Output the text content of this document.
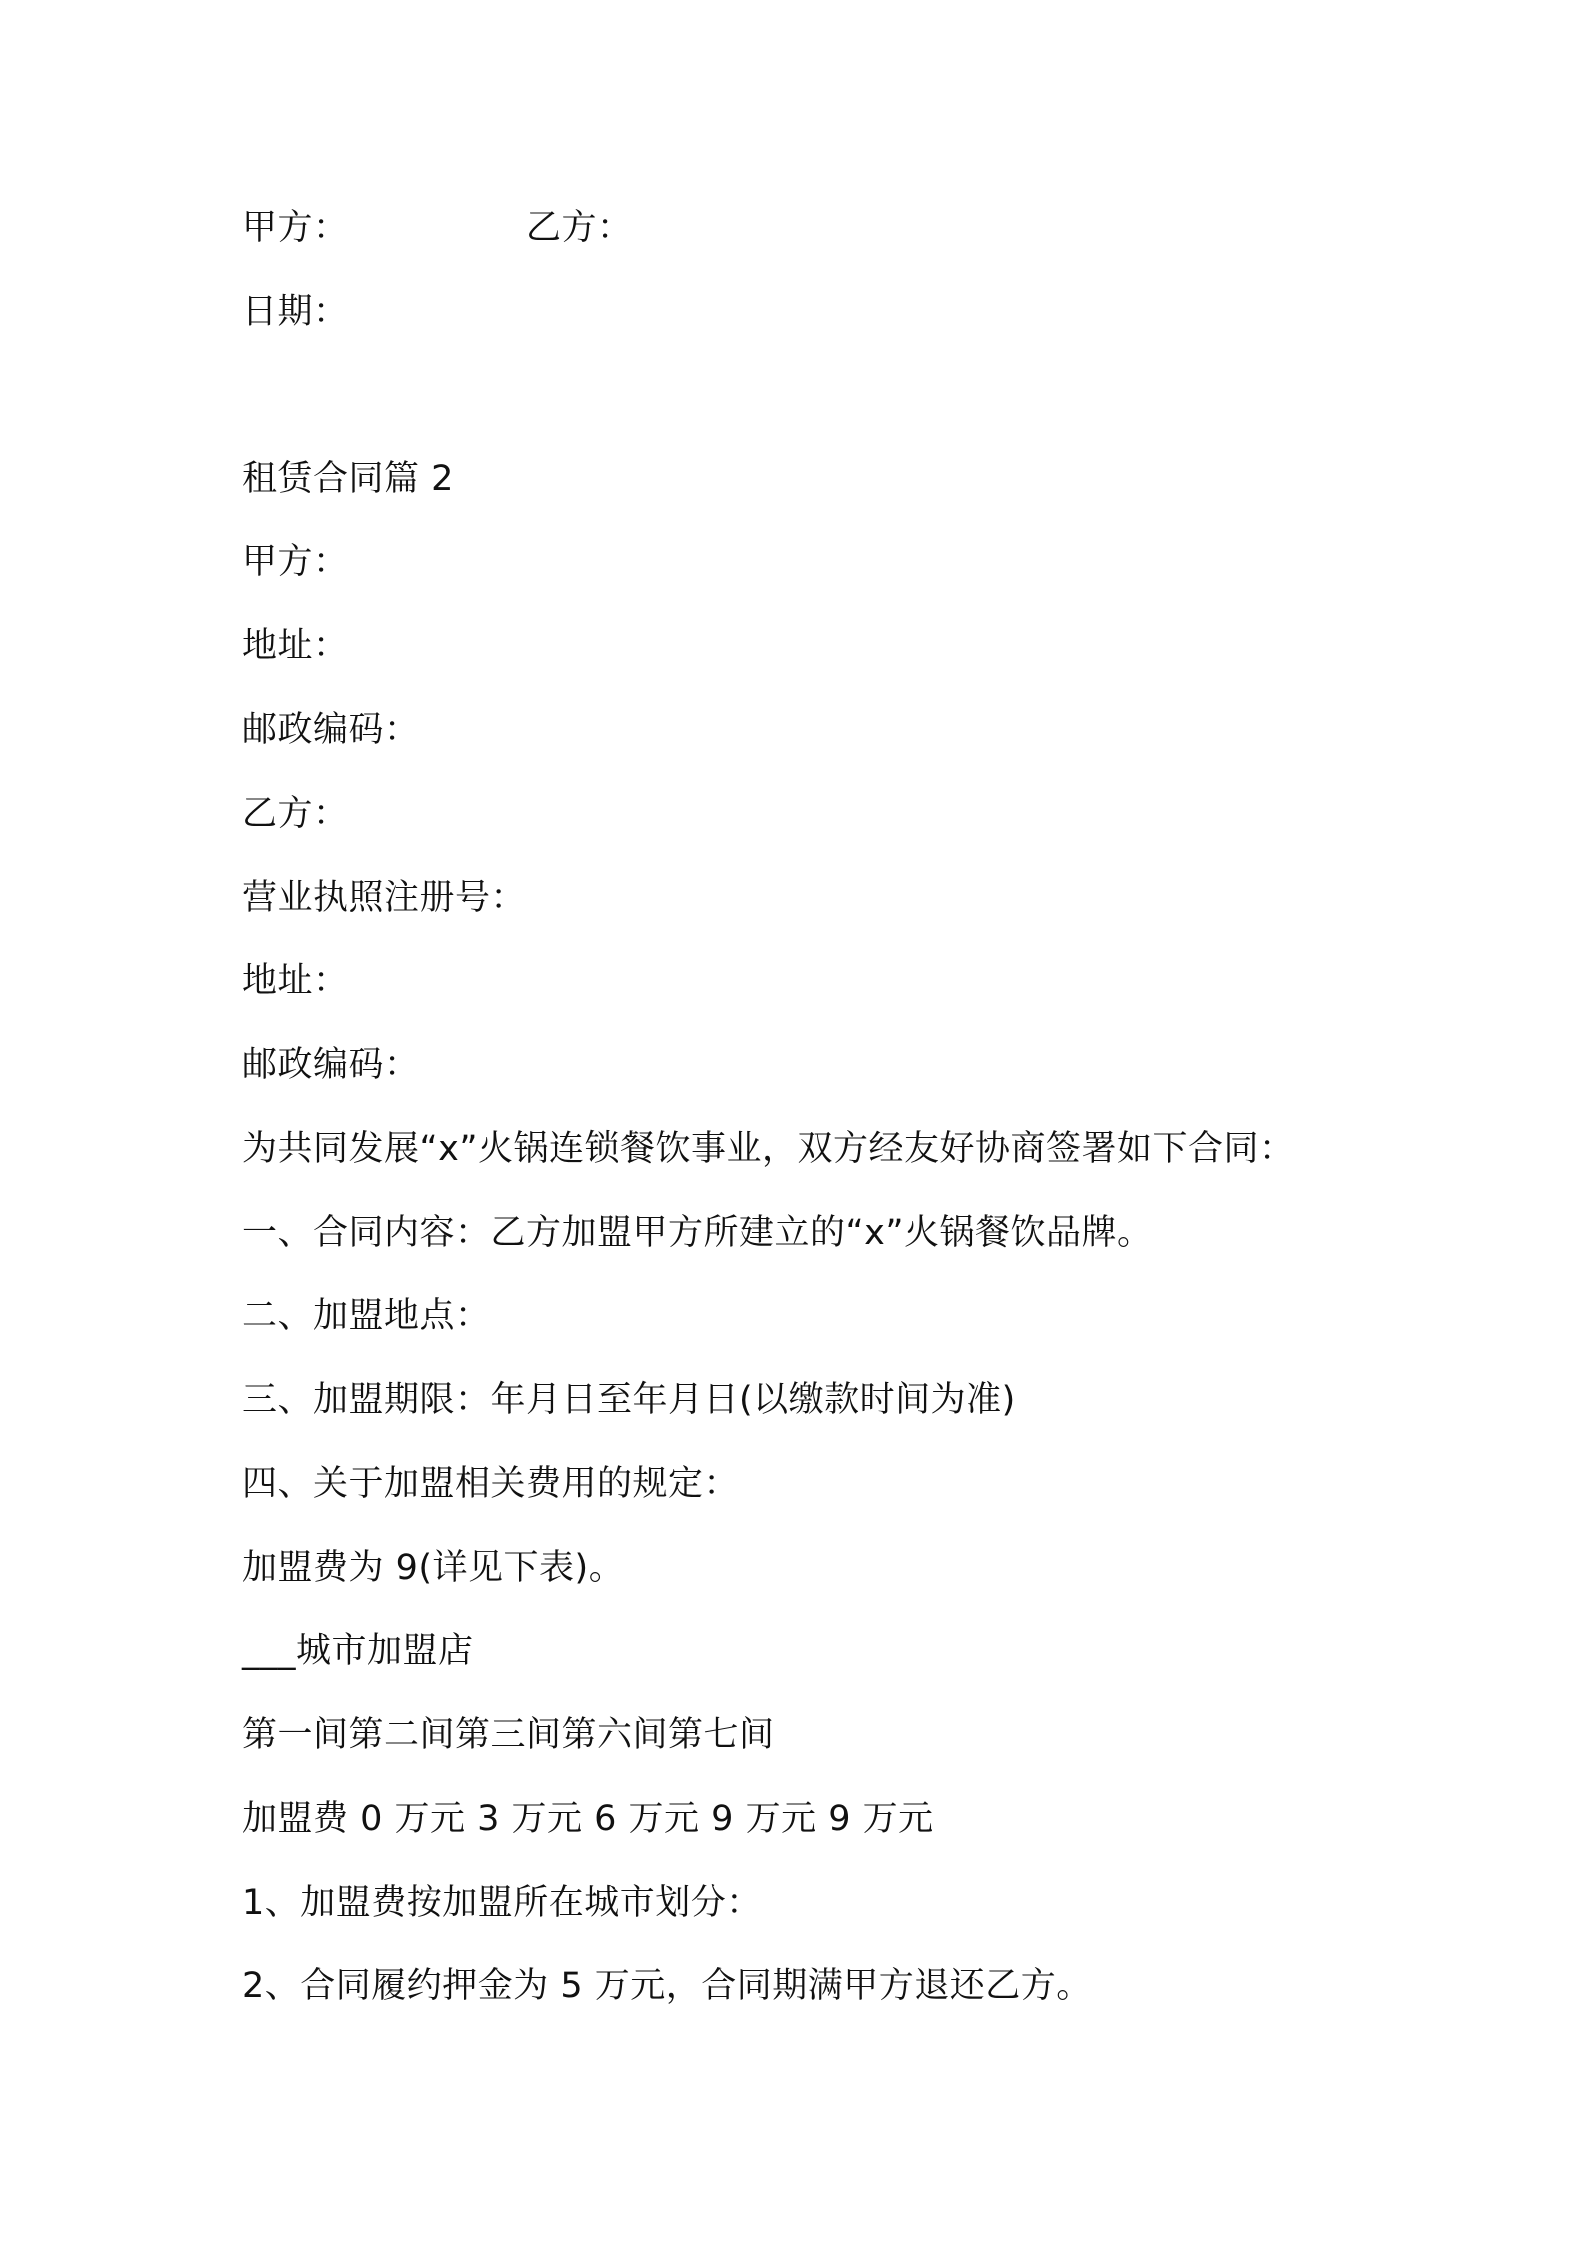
甲方：	乙方：
日期：
租赁合同篇 2
甲方：
地址：
邮政编码：
乙方：
营业执照注册号：
地址：
邮政编码：
为共同发展“x”火锅连锁餐饮事业，双方经友好协商签署如下合同：
一、合同内容：乙方加盟甲方所建立的“x”火锅餐饮品牌。
二、加盟地点：
三、加盟期限：年月日至年月日(以缴款时间为准)
四、关于加盟相关费用的规定：
加盟费为 9(详见下表)。
___城市加盟店
第一间第二间第三间第六间第七间
加盟费 0 万元 3 万元 6 万元 9 万元 9 万元
1、加盟费按加盟所在城市划分：
2、合同履约押金为 5 万元，合同期满甲方退还乙方。
